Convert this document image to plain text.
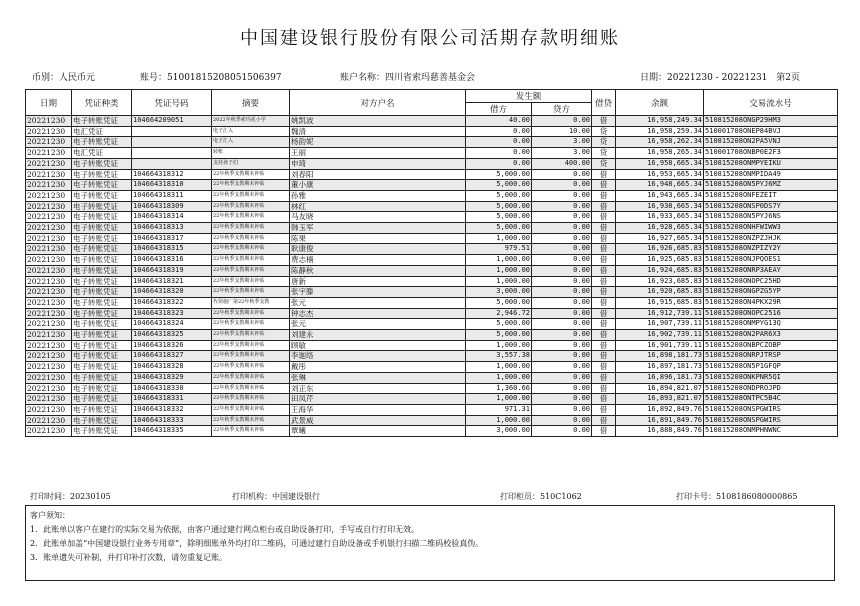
中国建设银行股份有限公司活期存款明细账
币别：人民币元	账号：51001815208051506397	账户名称：四川省索玛慈善基金会	日期：20221230 - 20221231 第2页
日期	凭证种类	凭证号码	摘要	对方户名	发生额		借贷	余额	交易流水号
					借方	贷方			
20221230	电子转账凭证	104664209051	2022年秋季索玛花小学	姚凯波	40.00	0.00	借	16,958,249.34	510815208ONGP29HM3
20221230	电汇凭证		电子汇入	魏清	0.00	10.00	贷	16,958,259.34	510001708ONEP84BVJ
20221230	电子转账凭证		电子汇入	杨韵妮	0.00	3.00	贷	16,958,262.34	510815208ON2PA5VNJ
20221230	电汇凭证		转账	王丽	0.00	3.00	贷	16,958,265.34	510001708ONBP0E2F3
20221230	电子转账凭证		支持孩子们	申琦	0.00	400.00	贷	16,958,665.34	510815208ONMPYEIKU
20221230	电子转账凭证	104664318312	22年秋季支教期末补贴	刘春阳	5,000.00	0.00	借	16,953,665.34	510815208ONMPIDA49
20221230	电子转账凭证	104664318310	22年秋季支教期末补贴	董小康	5,000.00	0.00	借	16,948,665.34	510815208ON5PYJ6MZ
20221230	电子转账凭证	104664318311	22年秋季支教期末补贴	孙雅	5,000.00	0.00	借	16,943,665.34	510815208ONFEZEIT
20221230	电子转账凭证	104664318309	22年秋季支教期末补贴	林红	5,000.00	0.00	借	16,938,665.34	510815208ONSP0DS7Y
20221230	电子转账凭证	104664318314	22年秋季支教期末补贴	马友晓	5,000.00	0.00	借	16,933,665.34	510815208ON5PYJ6NS
20221230	电子转账凭证	104664318313	22年秋季支教期末补贴	韩玉军	5,000.00	0.00	借	16,928,665.34	510815208ONHFWIWW3
20221230	电子转账凭证	104664318317	22年秋季支教期末补贴	陈果	1,000.00	0.00	借	16,927,665.34	510815208ONZPZJHJK
20221230	电子转账凭证	104664318315	22年秋季支教期末补贴	耿康俊	979.51	0.00	借	16,926,685.83	510815208ONZPIZY2Y
20221230	电子转账凭证	104664318316	22年秋季支教期末补贴	费志楠	1,000.00	0.00	借	16,925,685.83	510815208ONJPQOES1
20221230	电子转账凭证	104664318319	22年秋季支教期末补贴	陈静秋	1,000.00	0.00	借	16,924,685.83	510815208ONRP3AEAY
20221230	电子转账凭证	104664318321	22年秋季支教期末补贴	唐新	1,000.00	0.00	借	16,923,685.83	510815208ONOPC25HD
20221230	电子转账凭证	104664318320	22年秋季支教期末补贴	张宇滕	3,000.00	0.00	借	16,920,685.83	510815208ONGPZG5YP
20221230	电子转账凭证	104664318322	代领施广第22年秋季支教	张元	5,000.00	0.00	借	16,915,685.83	510815208ON4PKX29R
20221230	电子转账凭证	104664318323	22年秋季支教期末补贴	钟志杰	2,946.72	0.00	借	16,912,739.11	510815208ONOPC2516
20221230	电子转账凭证	104664318324	22年秋季支教期末补贴	张元	5,000.00	0.00	借	16,907,739.11	510815208ONMPYG13Q
20221230	电子转账凭证	104664318325	22年秋季支教期末补贴	刘建永	5,000.00	0.00	借	16,902,739.11	510815208ON2PAR6X3
20221230	电子转账凭证	104664318326	22年秋季支教期末补贴	顾敏	1,000.00	0.00	借	16,901,739.11	510815208ONBPCZOBP
20221230	电子转账凭证	104664318327	22年秋季支教期末补贴	李迦络	3,557.38	0.00	借	16,898,181.73	510815208ONRPJTRSP
20221230	电子转账凭证	104664318328	22年秋季支教期末补贴	戴彤	1,000.00	0.00	借	16,897,181.73	510815208ON5P1GFQP
20221230	电子转账凭证	104664318329	22年秋季支教期末补贴	张琳	1,000.00	0.00	借	16,896,181.73	510815208ONKPNR5QI
20221230	电子转账凭证	104664318330	22年秋季支教期末补贴	刘正东	1,360.66	0.00	借	16,894,821.07	510815208ONDPROJPD
20221230	电子转账凭证	104664318331	22年秋季支教期末补贴	田凤芹	1,000.00	0.00	借	16,893,821.07	510815208ONTPC5B4C
20221230	电子转账凭证	104664318332	22年秋季支教期末补贴	王海华	971.31	0.00	借	16,892,849.76	510815208ONSPGWIRS
20221230	电子转账凭证	104664318333	22年秋季支教期末补贴	武景威	1,000.00	0.00	借	16,891,849.76	510815208ONSPGWIRS
20221230	电子转账凭证	104664318335	22年秋季支教期末补贴	覃曦	3,000.00	0.00	借	16,888,849.76	510815208ONMPHNWNC
打印时间：20230105	打印机构：中国建设银行	打印柜员：510C1062	打印卡号：5108186080000865
客户须知：
1．此账单以客户在建行的实际交易为依据，由客户通过建行网点柜台或自助设备打印，手写或自行打印无效。
2．此账单加盖“中国建设银行业务专用章”，除明细账单外均打印二维码，可通过建行自助设备或手机银行扫描二维码校验真伪。
3．账单遗失可补制，并打印补打次数，请勿重复记账。
